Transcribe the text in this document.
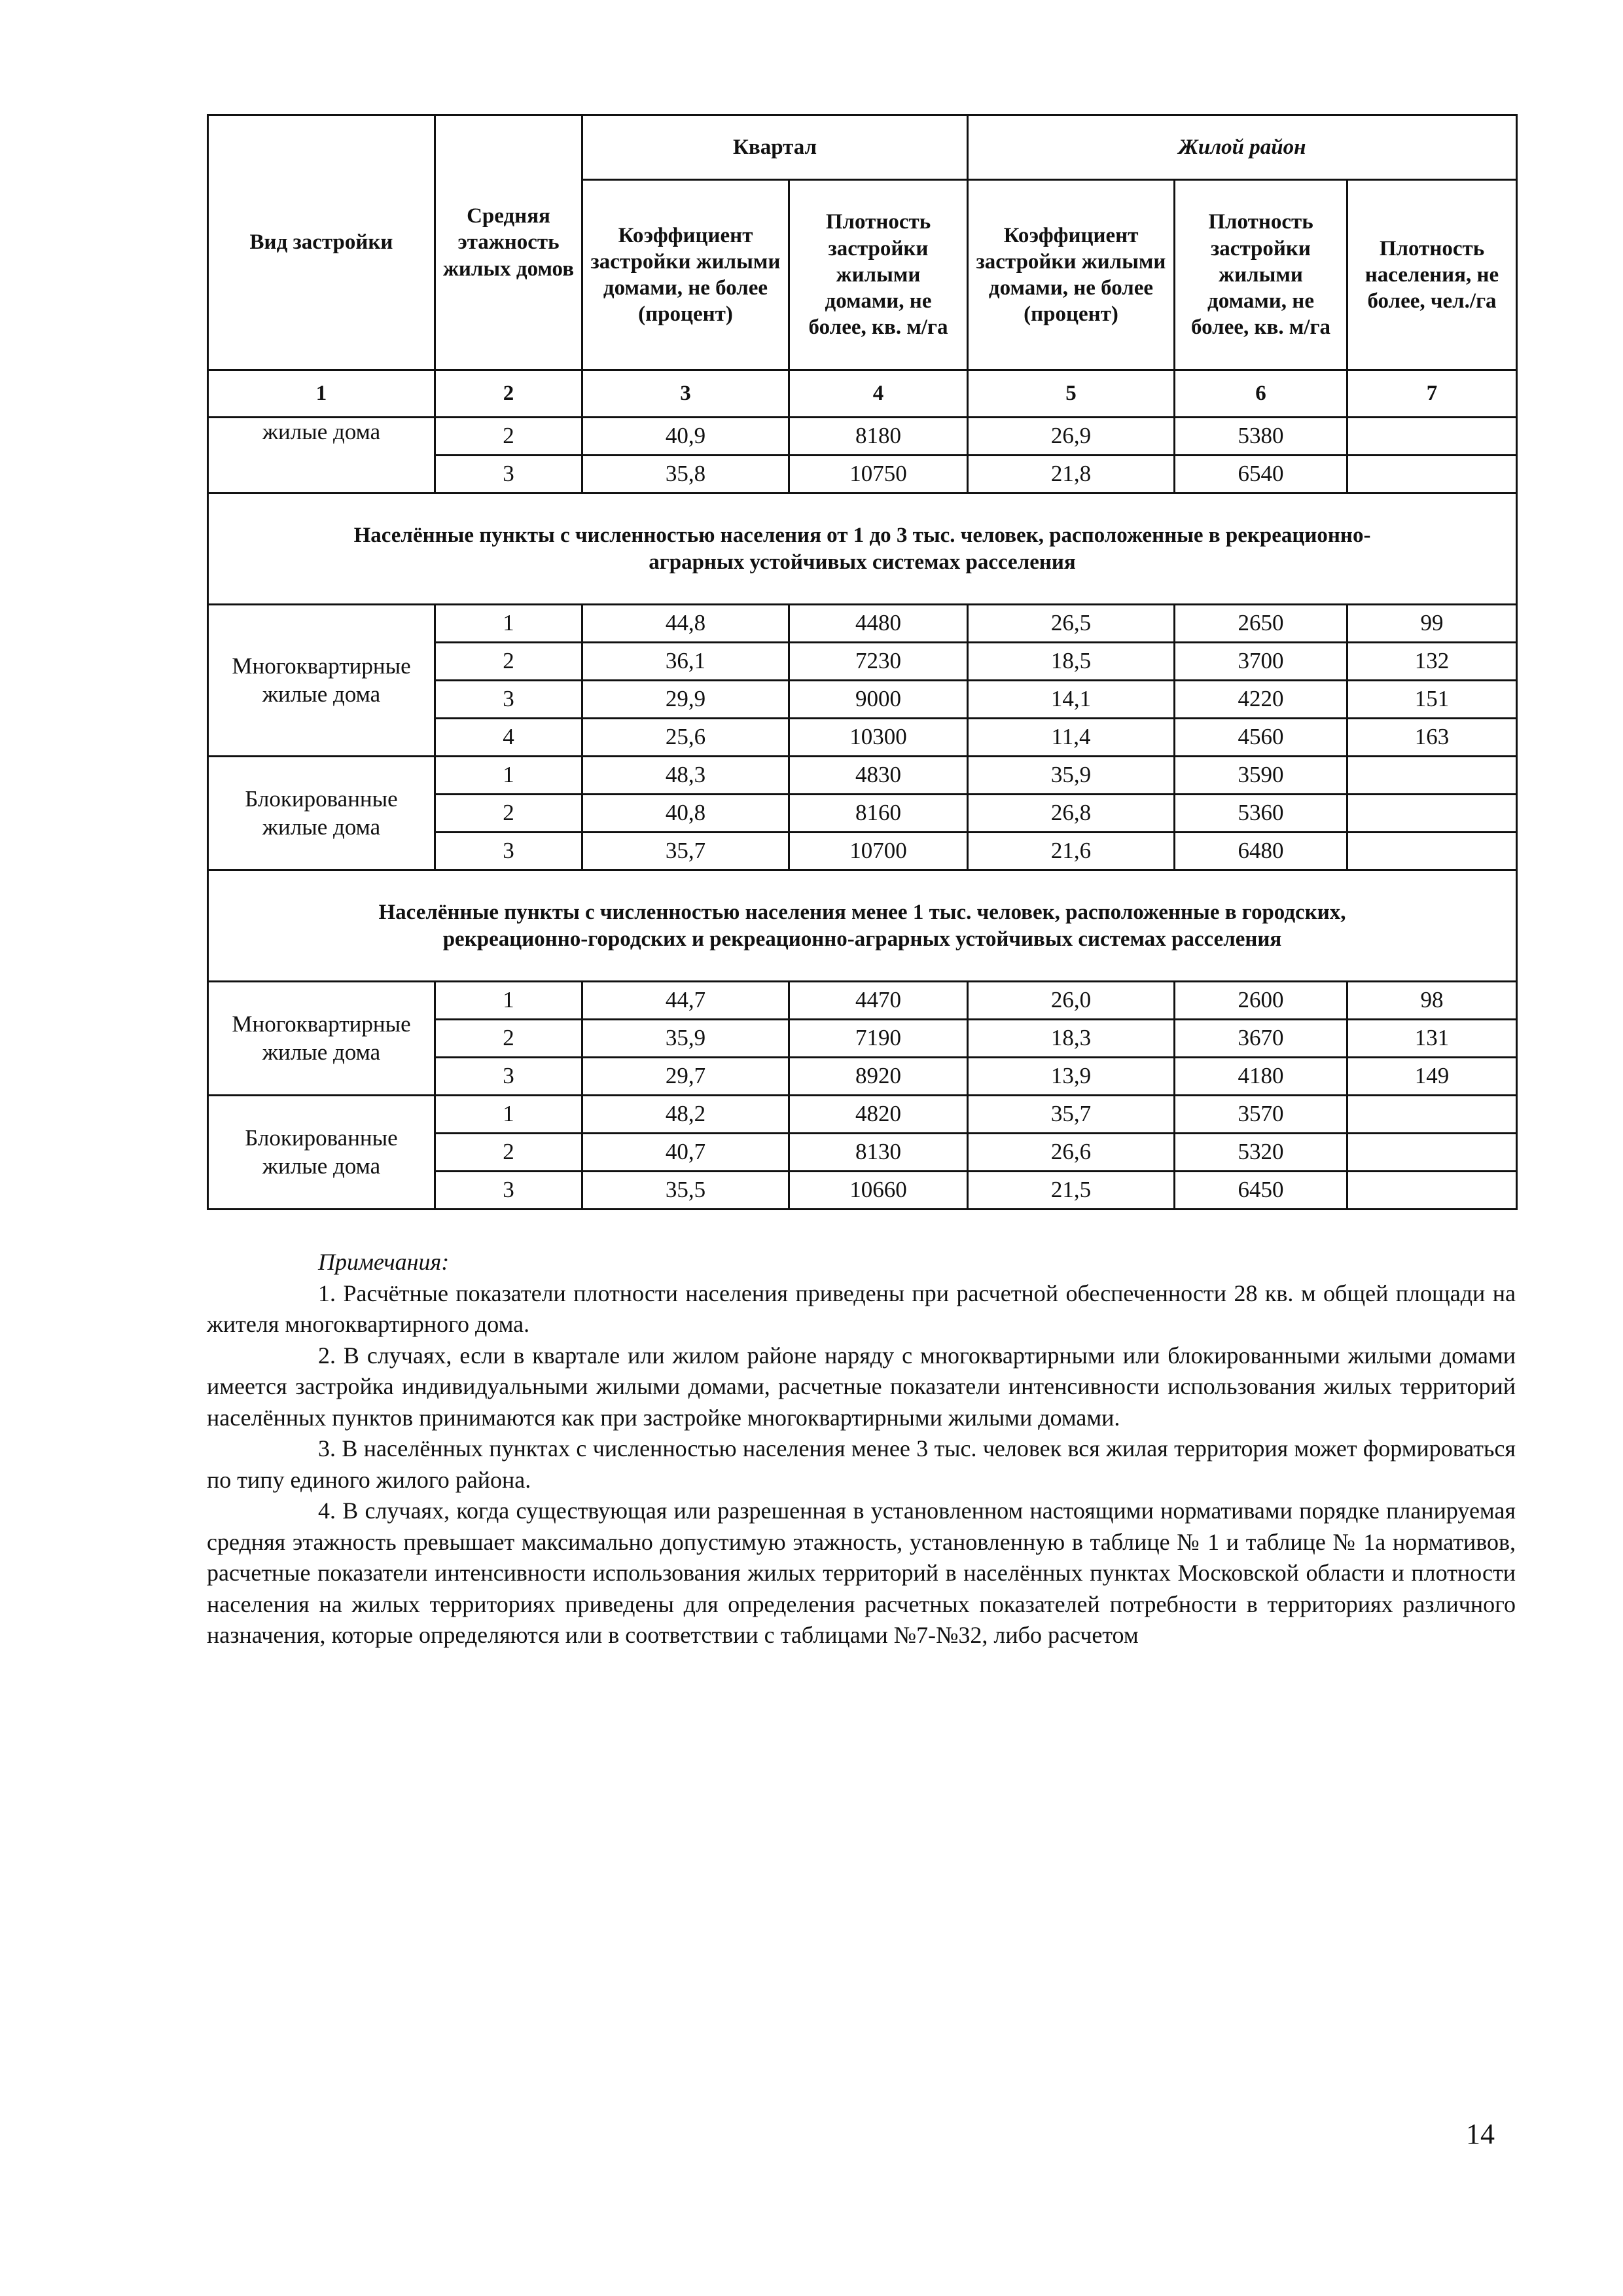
Вид застройки	Средняя этажность жилых домов	Квартал		Жилой район		
		Коэффициент застройки жилыми домами, не более (процент)	Плотность застройки жилыми домами, не более, кв. м/га	Коэффициент застройки жилыми домами, не более (процент)	Плотность застройки жилыми домами, не более, кв. м/га	Плотность населения, не более, чел./га
1	2	3	4	5	6	7
жилые дома	2	40,9	8180	26,9	5380	
	3	35,8	10750	21,8	6540	
Населённые пункты с численностью населения от 1 до 3 тыс. человек, расположенные в рекреационно-аграрных устойчивых системах расселения						
Многоквартирные жилые дома	1	44,8	4480	26,5	2650	99
	2	36,1	7230	18,5	3700	132
	3	29,9	9000	14,1	4220	151
	4	25,6	10300	11,4	4560	163
Блокированные жилые дома	1	48,3	4830	35,9	3590	
	2	40,8	8160	26,8	5360	
	3	35,7	10700	21,6	6480	
Населённые пункты с численностью населения менее 1 тыс. человек, расположенные в городских, рекреационно-городских и рекреационно-аграрных устойчивых системах расселения						
Многоквартирные жилые дома	1	44,7	4470	26,0	2600	98
	2	35,9	7190	18,3	3670	131
	3	29,7	8920	13,9	4180	149
Блокированные жилые дома	1	48,2	4820	35,7	3570	
	2	40,7	8130	26,6	5320	
	3	35,5	10660	21,5	6450	

Примечания:

1. Расчётные показатели плотности населения приведены при расчетной обеспеченности 28 кв. м общей площади на жителя многоквартирного дома.

2. В случаях, если в квартале или жилом районе наряду с многоквартирными или блокированными жилыми домами имеется застройка индивидуальными жилыми домами, расчетные показатели интенсивности использования жилых территорий населённых пунктов принимаются как при застройке многоквартирными жилыми домами.

3. В населённых пунктах с численностью населения менее 3 тыс. человек вся жилая территория может формироваться по типу единого жилого района.

4. В случаях, когда существующая или разрешенная в установленном настоящими нормативами порядке планируемая средняя этажность превышает максимально допустимую этажность, установленную в таблице № 1 и таблице № 1а нормативов, расчетные показатели интенсивности использования жилых территорий в населённых пунктах Московской области и плотности населения на жилых территориях приведены для определения расчетных показателей потребности в территориях различного назначения, которые определяются или в соответствии с таблицами №7-№32, либо расчетом

14
